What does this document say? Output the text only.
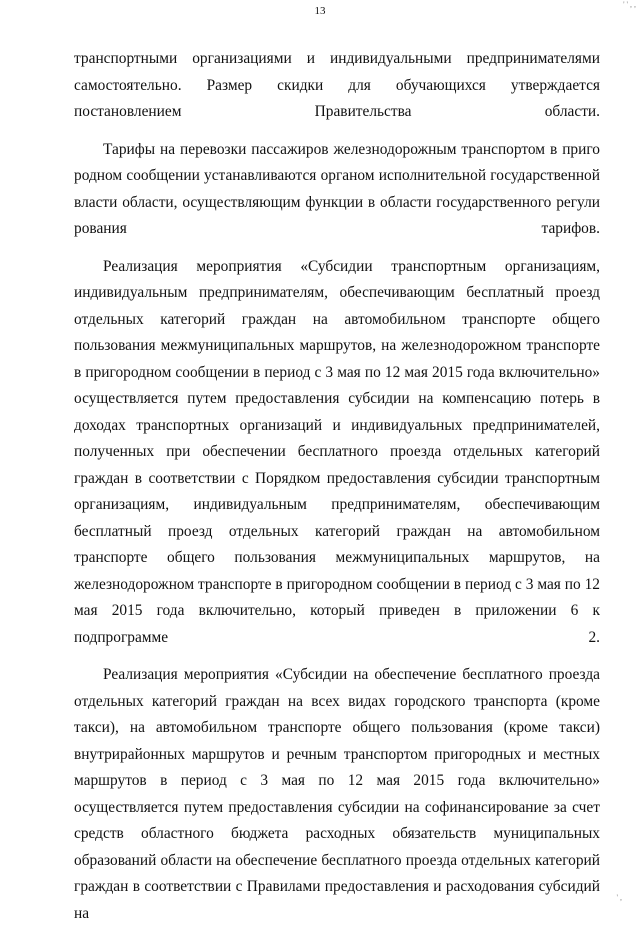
' ' , ,
13

транспортными организациями и индивидуальными предпринимателями самостоятельно. Размер скидки для обучающихся утверждается постановлением Правительства области.

Тарифы на перевозки пассажиров железнодорожным транспортом в приго родном сообщении устанавливаются органом исполнительной государственной власти области, осуществляющим функции в области государственного регули рования тарифов.

Реализация мероприятия «Субсидии транспортным организациям, индивидуальным предпринимателям, обеспечивающим бесплатный проезд отдельных категорий граждан на автомобильном транспорте общего пользования межмуниципальных маршрутов, на железнодорожном транспорте в пригородном сообщении в период с 3 мая по 12 мая 2015 года включительно» осуществляется путем предоставления субсидии на компенсацию потерь в доходах транспортных организаций и индивидуальных предпринимателей, полученных при обеспечении бесплатного проезда отдельных категорий граждан в соответствии с Порядком предоставления субсидии транспортным организациям, индивидуальным предпринимателям, обеспечивающим бесплатный проезд отдельных категорий граждан на автомобильном транспорте общего пользования межмуниципальных маршрутов, на железнодорожном транспорте в пригородном сообщении в период с 3 мая по 12 мая 2015 года включительно, который приведен в приложении 6 к подпрограмме 2.

Реализация мероприятия «Субсидии на обеспечение бесплатного проезда отдельных категорий граждан на всех видах городского транспорта (кроме такси), на автомобильном транспорте общего пользования (кроме такси) внутрирайонных маршрутов и речным транспортом пригородных и местных маршрутов в период с 3 мая по 12 мая 2015 года включительно» осуществляется путем предоставления субсидии на софинансирование за счет средств областного бюджета расходных обязательств муниципальных образований области на обеспечение бесплатного проезда отдельных категорий граждан в соответствии с Правилами предоставления и расходования субсидий на

' ,
